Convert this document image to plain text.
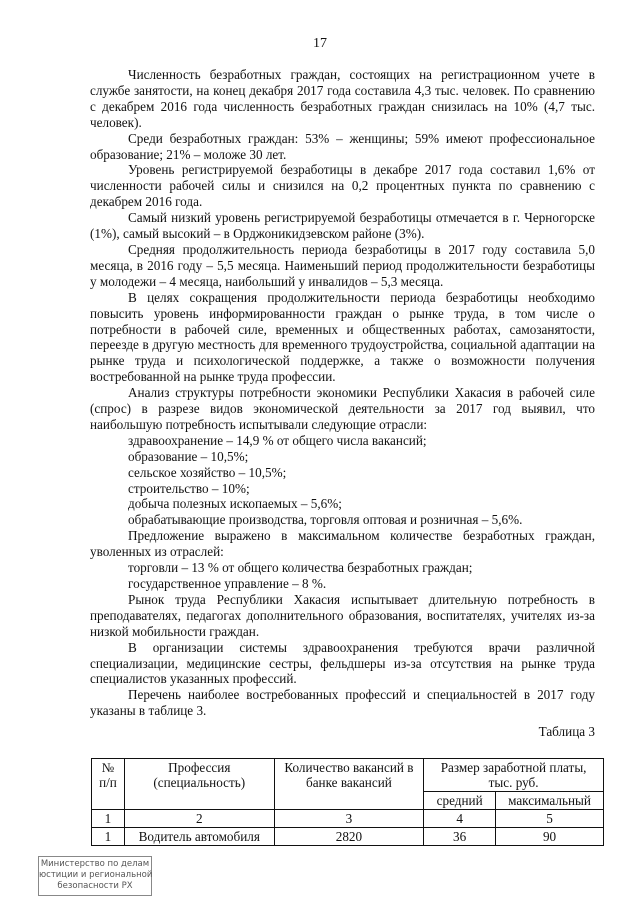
17

Численность безработных граждан, состоящих на регистрационном учете в службе занятости, на конец декабря 2017 года составила 4,3 тыс. человек. По сравнению с декабрем 2016 года численность безработных граждан снизилась на 10% (4,7 тыс. человек).

Среди безработных граждан: 53% – женщины; 59% имеют профессиональное образование; 21% – моложе 30 лет.

Уровень регистрируемой безработицы в декабре 2017 года составил 1,6% от численности рабочей силы и снизился на 0,2 процентных пункта по сравнению с декабрем 2016 года.

Самый низкий уровень регистрируемой безработицы отмечается в г. Черногорске (1%), самый высокий – в Орджоникидзевском районе (3%).

Средняя продолжительность периода безработицы в 2017 году составила 5,0 месяца, в 2016 году – 5,5 месяца. Наименьший период продолжительности безработицы у молодежи – 4 месяца, наибольший у инвалидов – 5,3 месяца.

В целях сокращения продолжительности периода безработицы необходимо повысить уровень информированности граждан о рынке труда, в том числе о потребности в рабочей силе, временных и общественных работах, самозанятости, переезде в другую местность для временного трудоустройства, социальной адаптации на рынке труда и психологической поддержке, а также о возможности получения востребованной на рынке труда профессии.

Анализ структуры потребности экономики Республики Хакасия в рабочей силе (спрос) в разрезе видов экономической деятельности за 2017 год выявил, что наибольшую потребность испытывали следующие отрасли:

здравоохранение – 14,9 % от общего числа вакансий;

образование – 10,5%;

сельское хозяйство – 10,5%;

строительство – 10%;

добыча полезных ископаемых – 5,6%;

обрабатывающие производства, торговля оптовая и розничная – 5,6%.

Предложение выражено в максимальном количестве безработных граждан, уволенных из отраслей:

торговли – 13 % от общего количества безработных граждан;

государственное управление – 8 %.

Рынок труда Республики Хакасия испытывает длительную потребность в преподавателях, педагогах дополнительного образования, воспитателях, учителях из-за низкой мобильности граждан.

В организации системы здравоохранения требуются врачи различной специализации, медицинские сестры, фельдшеры из-за отсутствия на рынке труда специалистов указанных профессий.

Перечень наиболее востребованных профессий и специальностей в 2017 году указаны в таблице 3.

Таблица 3

№ п/п	Профессия (специальность)	Количество вакансий в банке вакансий	Размер заработной платы, тыс. руб.	
			средний	максимальный
1	2	3	4	5
1	Водитель автомобиля	2820	36	90
Министерство по делам
юстиции и региональной
безопасности РХ
